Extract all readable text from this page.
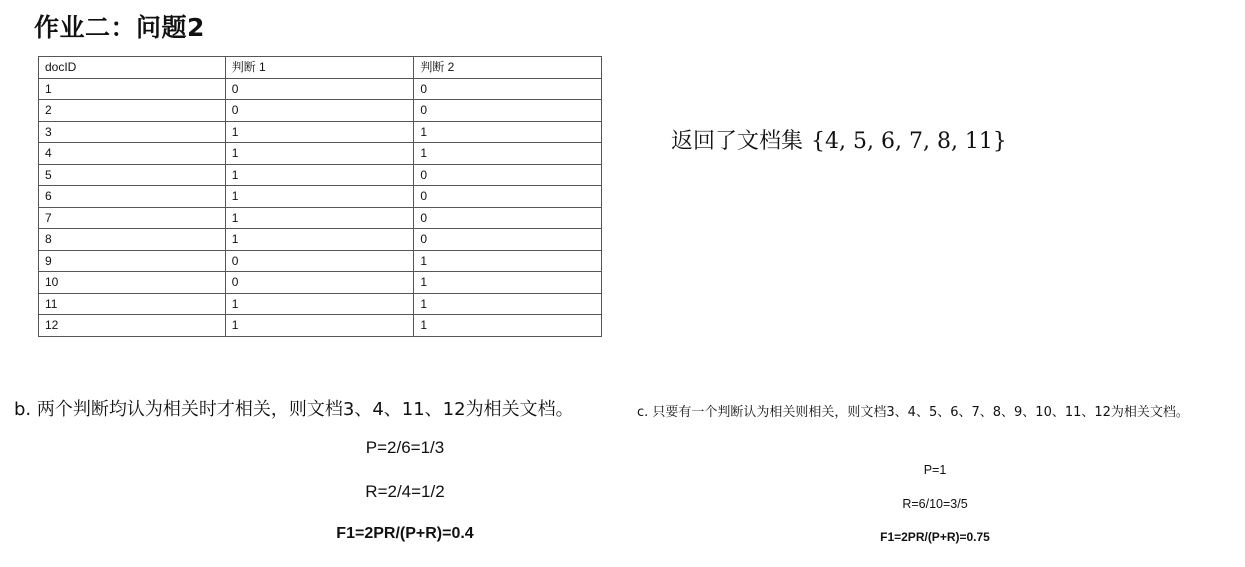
作业二：问题2
docID	判断 1	判断 2
1	0	0
2	0	0
3	1	1
4	1	1
5	1	0
6	1	0
7	1	0
8	1	0
9	0	1
10	0	1
11	1	1
12	1	1
返回了文档集 {4, 5, 6, 7, 8, 11}
b. 两个判断均认为相关时才相关，则文档3、4、11、12为相关文档。
P=2/6=1/3
R=2/4=1/2
F1=2PR/(P+R)=0.4
c. 只要有一个判断认为相关则相关，则文档3、4、5、6、7、8、9、10、11、12为相关文档。
P=1
R=6/10=3/5
F1=2PR/(P+R)=0.75
